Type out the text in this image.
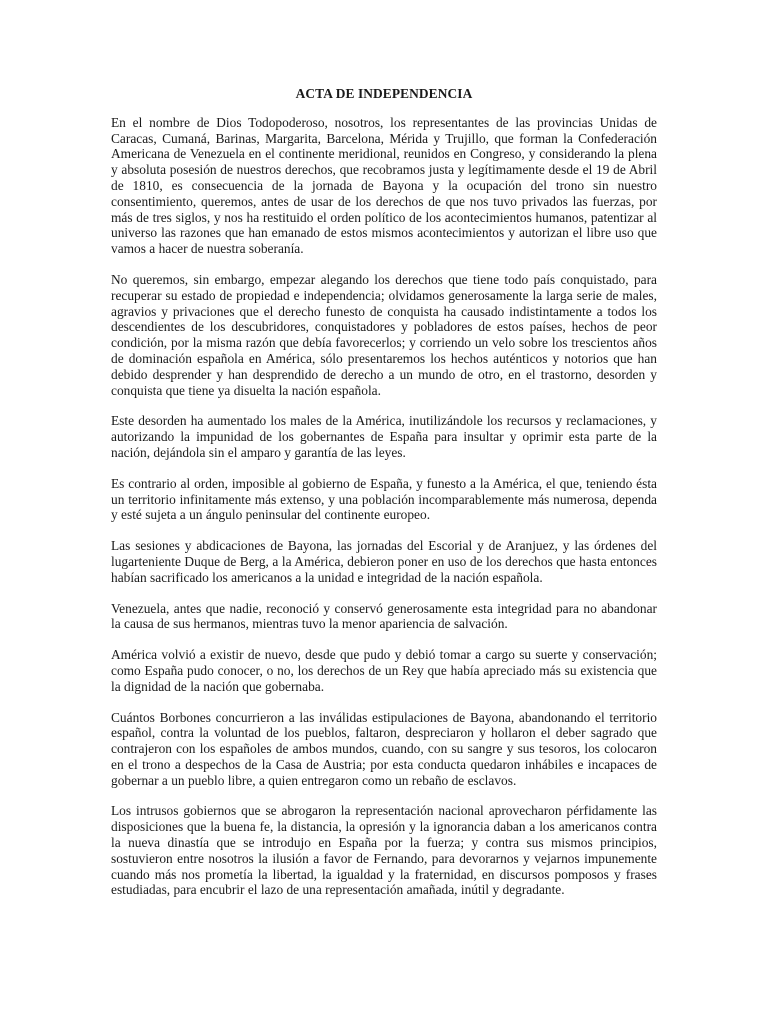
ACTA DE INDEPENDENCIA

En el nombre de Dios Todopoderoso, nosotros, los representantes de las provincias Unidas de Caracas, Cumaná, Barinas, Margarita, Barcelona, Mérida y Trujillo, que forman la Confederación Americana de Venezuela en el continente meridional, reunidos en Congreso, y considerando la plena y absoluta posesión de nuestros derechos, que recobramos justa y legítimamente desde el 19 de Abril de 1810, es consecuencia de la jornada de Bayona y la ocupación del trono sin nuestro consentimiento, queremos, antes de usar de los derechos de que nos tuvo privados las fuerzas, por más de tres siglos, y nos ha restituido el orden político de los acontecimientos humanos, patentizar al universo las razones que han emanado de estos mismos acontecimientos y autorizan el libre uso que vamos a hacer de nuestra soberanía.

No queremos, sin embargo, empezar alegando los derechos que tiene todo país conquistado, para recuperar su estado de propiedad e independencia; olvidamos generosamente la larga serie de males, agravios y privaciones que el derecho funesto de conquista ha causado indistintamente a todos los descendientes de los descubridores, conquistadores y pobladores de estos países, hechos de peor condición, por la misma razón que debía favorecerlos; y corriendo un velo sobre los trescientos años de dominación española en América, sólo presentaremos los hechos auténticos y notorios que han debido desprender y han desprendido de derecho a un mundo de otro, en el trastorno, desorden y conquista que tiene ya disuelta la nación española.

Este desorden ha aumentado los males de la América, inutilizándole los recursos y reclamaciones, y autorizando la impunidad de los gobernantes de España para insultar y oprimir esta parte de la nación, dejándola sin el amparo y garantía de las leyes.

Es contrario al orden, imposible al gobierno de España, y funesto a la América, el que, teniendo ésta un territorio infinitamente más extenso, y una población incomparablemente más numerosa, dependa y esté sujeta a un ángulo peninsular del continente europeo.

Las sesiones y abdicaciones de Bayona, las jornadas del Escorial y de Aranjuez, y las órdenes del lugarteniente Duque de Berg, a la América, debieron poner en uso de los derechos que hasta entonces habían sacrificado los americanos a la unidad e integridad de la nación española.

Venezuela, antes que nadie, reconoció y conservó generosamente esta integridad para no abandonar la causa de sus hermanos, mientras tuvo la menor apariencia de salvación.

América volvió a existir de nuevo, desde que pudo y debió tomar a cargo su suerte y conservación; como España pudo conocer, o no, los derechos de un Rey que había apreciado más su existencia que la dignidad de la nación que gobernaba.

Cuántos Borbones concurrieron a las inválidas estipulaciones de Bayona, abandonando el territorio español, contra la voluntad de los pueblos, faltaron, despreciaron y hollaron el deber sagrado que contrajeron con los españoles de ambos mundos, cuando, con su sangre y sus tesoros, los colocaron en el trono a despechos de la Casa de Austria; por esta conducta quedaron inhábiles e incapaces de gobernar a un pueblo libre, a quien entregaron como un rebaño de esclavos.

Los intrusos gobiernos que se abrogaron la representación nacional aprovecharon pérfidamente las disposiciones que la buena fe, la distancia, la opresión y la ignorancia daban a los americanos contra la nueva dinastía que se introdujo en España por la fuerza; y contra sus mismos principios, sostuvieron entre nosotros la ilusión a favor de Fernando, para devorarnos y vejarnos impunemente cuando más nos prometía la libertad, la igualdad y la fraternidad, en discursos pomposos y frases estudiadas, para encubrir el lazo de una representación amañada, inútil y degradante.
